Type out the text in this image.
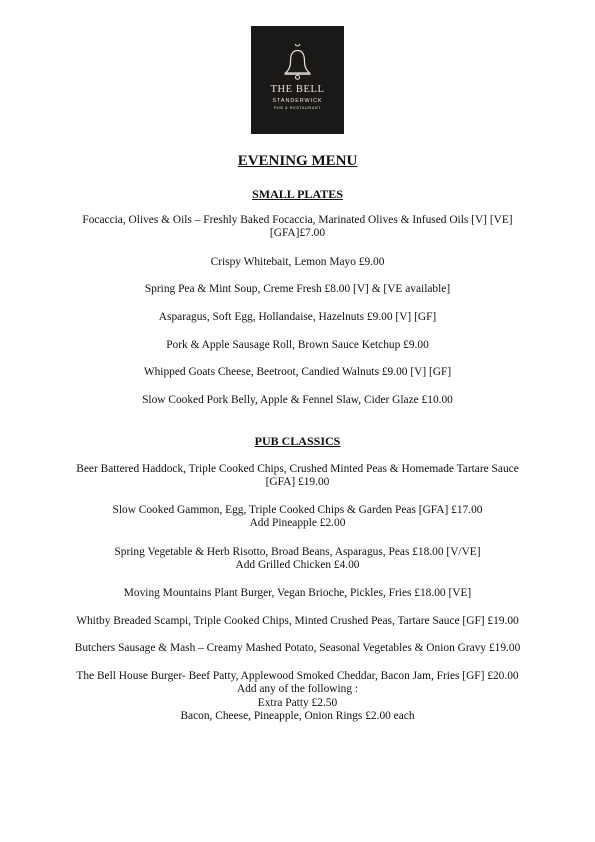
THE BELL
STANDERWICK
PUB & RESTAURANT
EVENING MENU
SMALL PLATES
Focaccia, Olives & Oils – Freshly Baked Focaccia, Marinated Olives & Infused Oils [V] [VE]
[GFA]£7.00
Crispy Whitebait, Lemon Mayo £9.00
Spring Pea & Mint Soup, Creme Fresh £8.00 [V] & [VE available]
Asparagus, Soft Egg, Hollandaise, Hazelnuts £9.00 [V] [GF]
Pork & Apple Sausage Roll, Brown Sauce Ketchup £9.00
Whipped Goats Cheese, Beetroot, Candied Walnuts £9.00 [V] [GF]
Slow Cooked Pork Belly, Apple & Fennel Slaw, Cider Glaze £10.00
PUB CLASSICS
Beer Battered Haddock, Triple Cooked Chips, Crushed Minted Peas & Homemade Tartare Sauce
[GFA] £19.00
Slow Cooked Gammon, Egg, Triple Cooked Chips & Garden Peas [GFA] £17.00
Add Pineapple £2.00
Spring Vegetable & Herb Risotto, Broad Beans, Asparagus, Peas £18.00 [V/VE]
Add Grilled Chicken £4.00
Moving Mountains Plant Burger, Vegan Brioche, Pickles, Fries £18.00 [VE]
Whitby Breaded Scampi, Triple Cooked Chips, Minted Crushed Peas, Tartare Sauce [GF] £19.00
Butchers Sausage & Mash – Creamy Mashed Potato, Seasonal Vegetables & Onion Gravy £19.00
The Bell House Burger- Beef Patty, Applewood Smoked Cheddar, Bacon Jam, Fries [GF] £20.00
Add any of the following :
Extra Patty £2.50
Bacon, Cheese, Pineapple, Onion Rings £2.00 each
